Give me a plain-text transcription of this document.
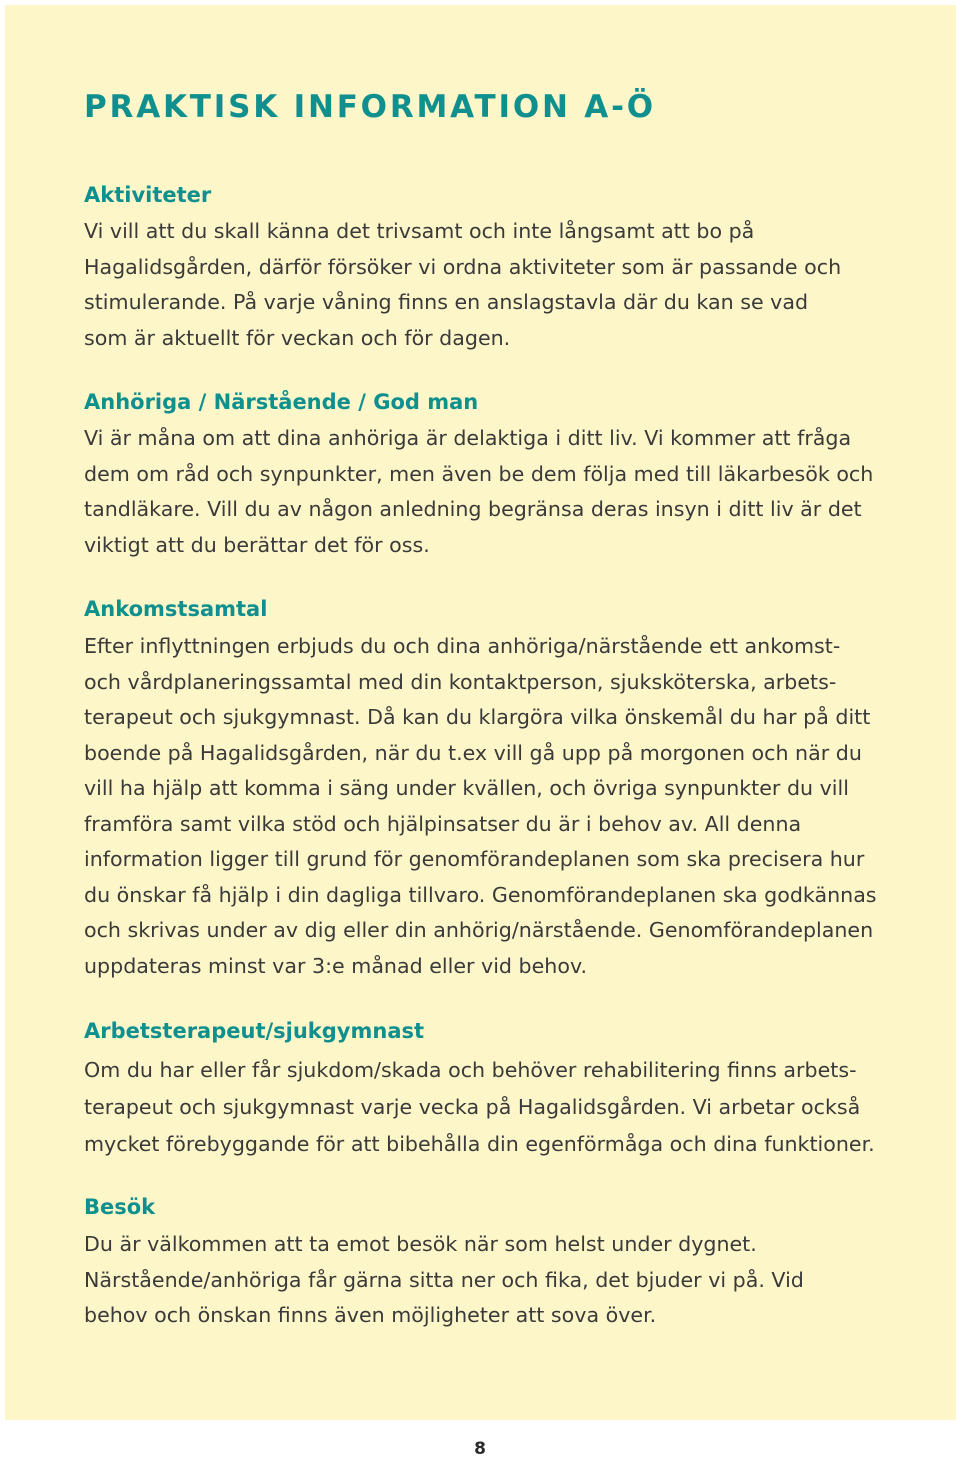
PRAKTISK INFORMATION A-Ö
Aktiviteter
Vi vill att du skall känna det trivsamt och inte långsamt att bo på
Hagalidsgården, därför försöker vi ordna aktiviteter som är passande och
stimulerande. På varje våning finns en anslagstavla där du kan se vad
som är aktuellt för veckan och för dagen.
Anhöriga / Närstående / God man
Vi är måna om att dina anhöriga är delaktiga i ditt liv. Vi kommer att fråga
dem om råd och synpunkter, men även be dem följa med till läkarbesök och
tandläkare. Vill du av någon anledning begränsa deras insyn i ditt liv är det
viktigt att du berättar det för oss.
Ankomstsamtal
Efter inflyttningen erbjuds du och dina anhöriga/närstående ett ankomst-
och vårdplaneringssamtal med din kontaktperson, sjuksköterska, arbets-
terapeut och sjukgymnast. Då kan du klargöra vilka önskemål du har på ditt
boende på Hagalidsgården, när du t.ex vill gå upp på morgonen och när du
vill ha hjälp att komma i säng under kvällen, och övriga synpunkter du vill
framföra samt vilka stöd och hjälpinsatser du är i behov av. All denna
information ligger till grund för genomförandeplanen som ska precisera hur
du önskar få hjälp i din dagliga tillvaro. Genomförandeplanen ska godkännas
och skrivas under av dig eller din anhörig/närstående. Genomförandeplanen
uppdateras minst var 3:e månad eller vid behov.
Arbetsterapeut/sjukgymnast
Om du har eller får sjukdom/skada och behöver rehabilitering finns arbets-
terapeut och sjukgymnast varje vecka på Hagalidsgården. Vi arbetar också
mycket förebyggande för att bibehålla din egenförmåga och dina funktioner.
Besök
Du är välkommen att ta emot besök när som helst under dygnet.
Närstående/anhöriga får gärna sitta ner och fika, det bjuder vi på. Vid
behov och önskan finns även möjligheter att sova över.
8
